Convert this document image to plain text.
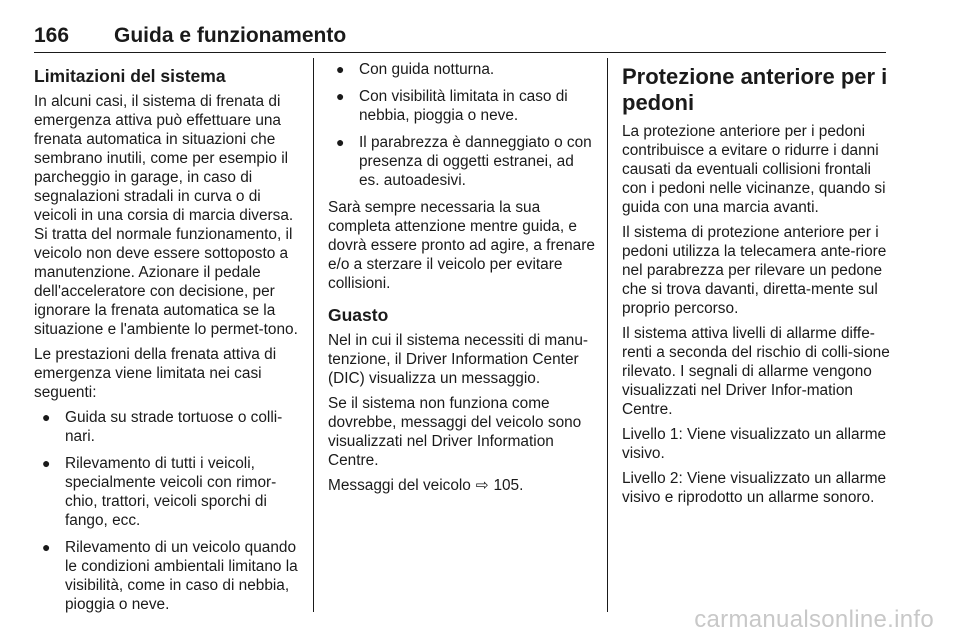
166 Guida e funzionamento
Limitazioni del sistema

In alcuni casi, il sistema di frenata di emergenza attiva può effettuare una frenata automatica in situazioni che sembrano inutili, come per esempio il parcheggio in garage, in caso di segnalazioni stradali in curva o di veicoli in una corsia di marcia diversa. Si tratta del normale funzionamento, il veicolo non deve essere sottoposto a manutenzione. Azionare il pedale dell'acceleratore con decisione, per ignorare la frenata automatica se la situazione e l'ambiente lo permet-tono.

Le prestazioni della frenata attiva di emergenza viene limitata nei casi seguenti:

● Guida su strade tortuose o colli-nari.
● Rilevamento di tutti i veicoli, specialmente veicoli con rimor-chio, trattori, veicoli sporchi di fango, ecc.
● Rilevamento di un veicolo quando le condizioni ambientali limitano la visibilità, come in caso di nebbia, pioggia o neve.
● Con guida notturna.
● Con visibilità limitata in caso di nebbia, pioggia o neve.
● Il parabrezza è danneggiato o con presenza di oggetti estranei, ad es. autoadesivi.

Sarà sempre necessaria la sua completa attenzione mentre guida, e dovrà essere pronto ad agire, a frenare e/o a sterzare il veicolo per evitare collisioni.

Guasto

Nel in cui il sistema necessiti di manu-tenzione, il Driver Information Center (DIC) visualizza un messaggio.

Se il sistema non funziona come dovrebbe, messaggi del veicolo sono visualizzati nel Driver Information Centre.

Messaggi del veicolo ⇨ 105.

Protezione anteriore per i pedoni

La protezione anteriore per i pedoni contribuisce a evitare o ridurre i danni causati da eventuali collisioni frontali con i pedoni nelle vicinanze, quando si guida con una marcia avanti.

Il sistema di protezione anteriore per i pedoni utilizza la telecamera ante-riore nel parabrezza per rilevare un pedone che si trova davanti, diretta-mente sul proprio percorso.

Il sistema attiva livelli di allarme diffe-renti a seconda del rischio di colli-sione rilevato. I segnali di allarme vengono visualizzati nel Driver Infor-mation Centre.

Livello 1: Viene visualizzato un allarme visivo.

Livello 2: Viene visualizzato un allarme visivo e riprodotto un allarme sonoro.

carmanualsonline.info
